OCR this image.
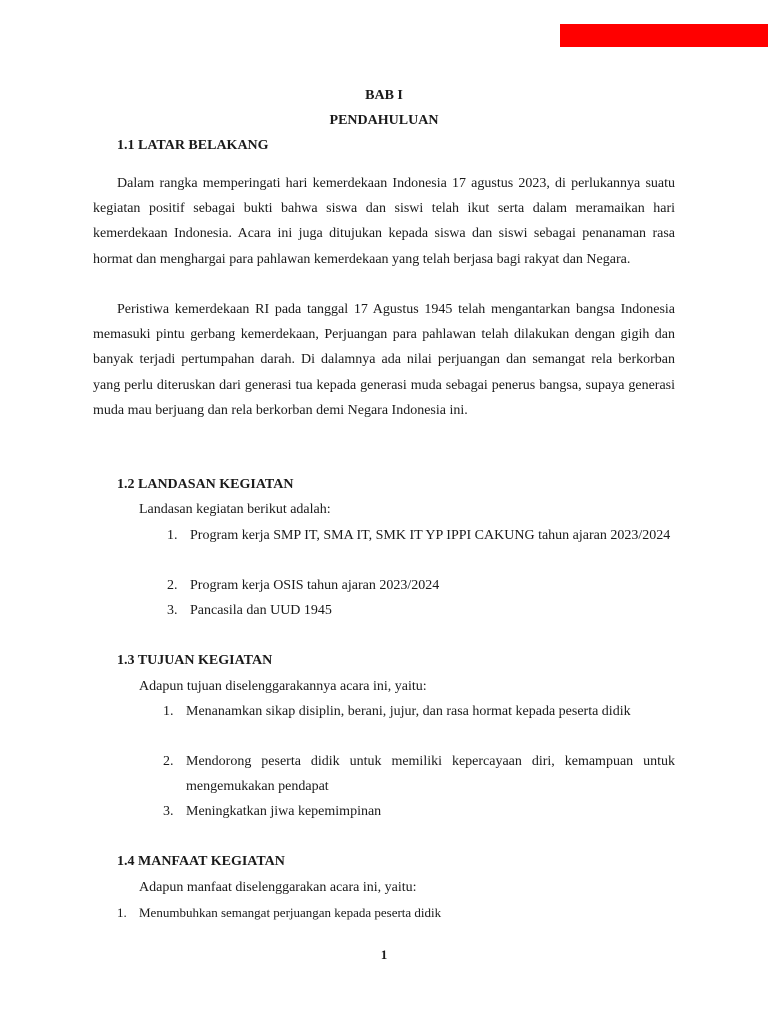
BAB I
PENDAHULUAN
1.1 LATAR BELAKANG

Dalam rangka memperingati hari kemerdekaan Indonesia 17 agustus 2023, di perlukannya suatu kegiatan positif sebagai bukti bahwa siswa dan siswi telah ikut serta dalam meramaikan hari kemerdekaan Indonesia. Acara ini juga ditujukan kepada siswa dan siswi sebagai penanaman rasa hormat dan menghargai para pahlawan kemerdekaan yang telah berjasa bagi rakyat dan Negara.

Peristiwa kemerdekaan RI pada tanggal 17 Agustus 1945 telah mengantarkan bangsa Indonesia memasuki pintu gerbang kemerdekaan, Perjuangan para pahlawan telah dilakukan dengan gigih dan banyak terjadi pertumpahan darah. Di dalamnya ada nilai perjuangan dan semangat rela berkorban yang perlu diteruskan dari generasi tua kepada generasi muda sebagai penerus bangsa, supaya generasi muda mau berjuang dan rela berkorban demi Negara Indonesia ini.

1.2 LANDASAN KEGIATAN
Landasan kegiatan berikut adalah:
1. Program kerja SMP IT, SMA IT, SMK IT YP IPPI CAKUNG tahun ajaran 2023/2024
2. Program kerja OSIS tahun ajaran 2023/2024
3. Pancasila dan UUD 1945
1.3 TUJUAN KEGIATAN
Adapun tujuan diselenggarakannya acara ini, yaitu:
1. Menanamkan sikap disiplin, berani, jujur, dan rasa hormat kepada peserta didik
2. Mendorong peserta didik untuk memiliki kepercayaan diri, kemampuan untuk mengemukakan pendapat
3. Meningkatkan jiwa kepemimpinan
1.4 MANFAAT KEGIATAN
Adapun manfaat diselenggarakan acara ini, yaitu:
1. Menumbuhkan semangat perjuangan kepada peserta didik
1
